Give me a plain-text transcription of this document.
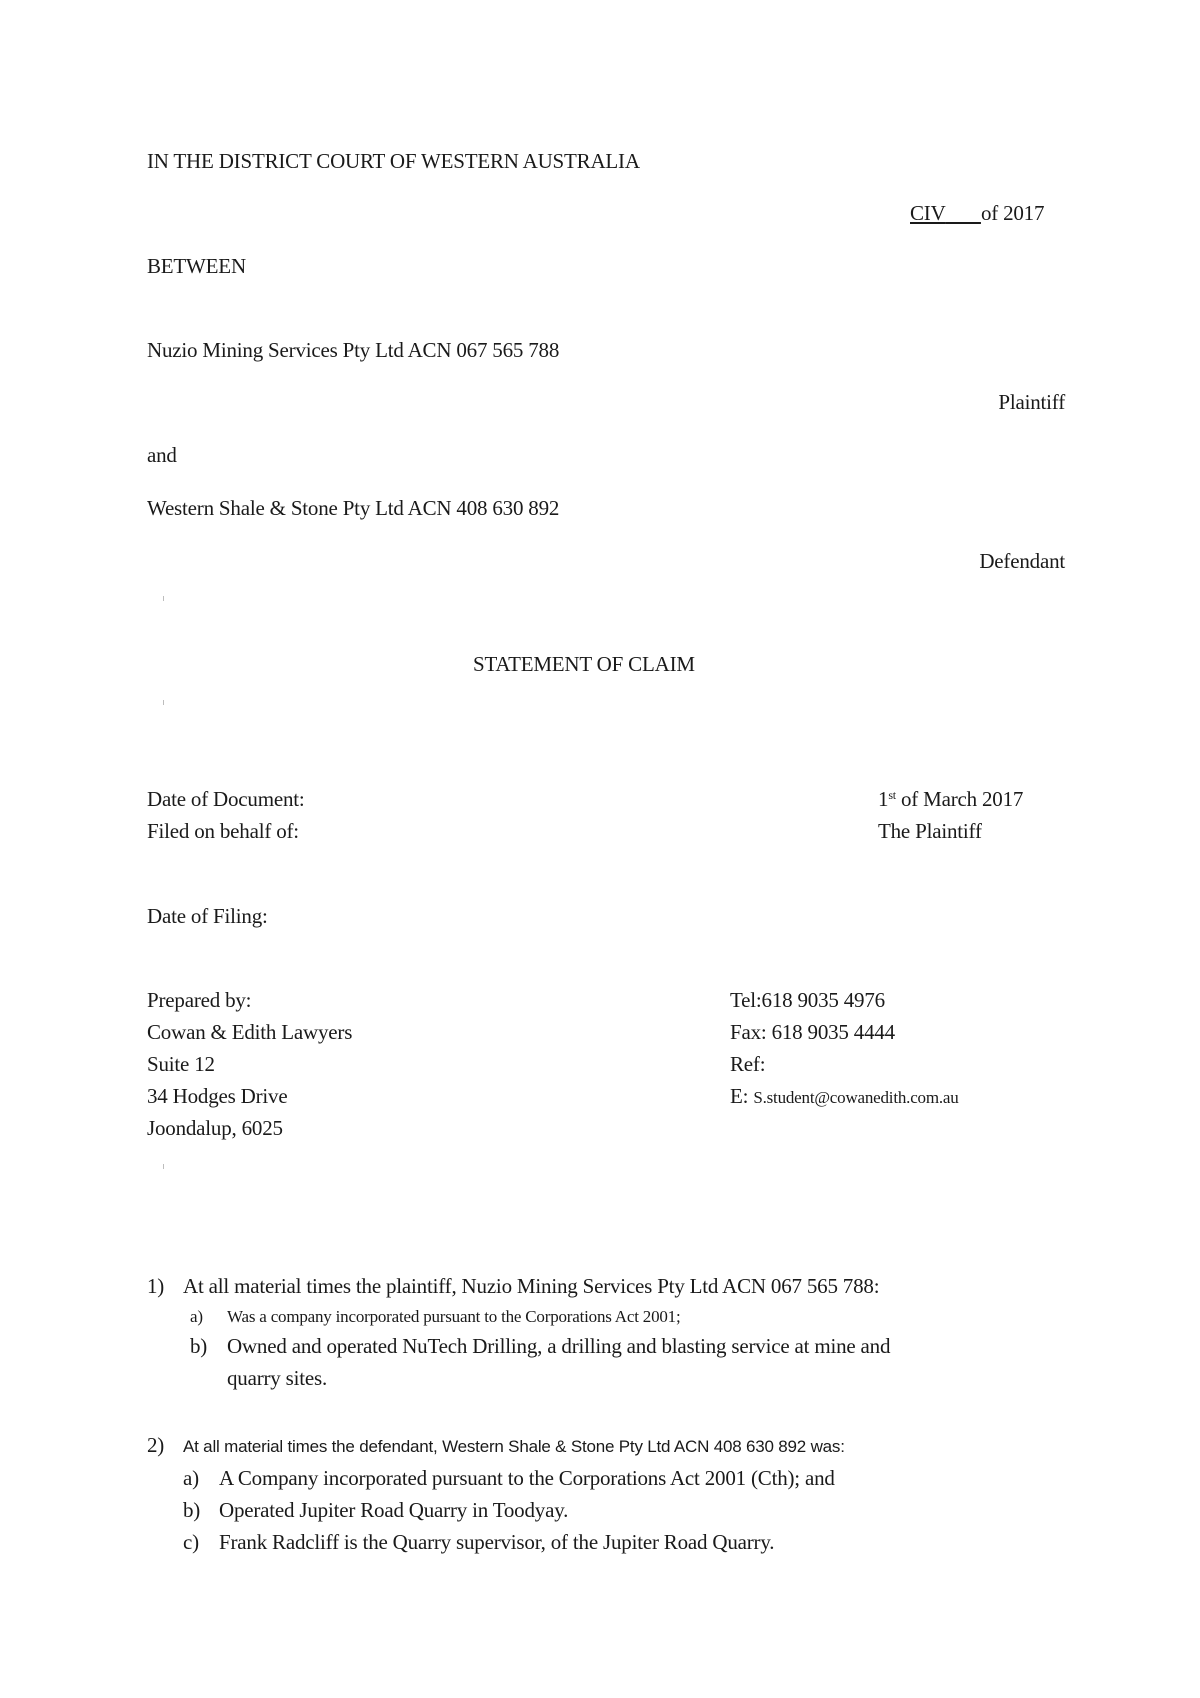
IN THE DISTRICT COURT OF WESTERN AUSTRALIA
CIV of 2017
BETWEEN
Nuzio Mining Services Pty Ltd ACN 067 565 788
Plaintiff
and
Western Shale & Stone Pty Ltd ACN 408 630 892
Defendant
STATEMENT OF CLAIM
Date of Document:	1st of March 2017
Filed on behalf of:	The Plaintiff
Date of Filing:
Prepared by:
Cowan & Edith Lawyers
Suite 12
34 Hodges Drive
Joondalup, 6025
Tel:618 9035 4976
Fax: 618 9035 4444
Ref:
E: S.student@cowanedith.com.au
1) At all material times the plaintiff, Nuzio Mining Services Pty Ltd ACN 067 565 788:
a) Was a company incorporated pursuant to the Corporations Act 2001;
b) Owned and operated NuTech Drilling, a drilling and blasting service at mine and
quarry sites.
2) At all material times the defendant, Western Shale & Stone Pty Ltd ACN 408 630 892 was:
a) A Company incorporated pursuant to the Corporations Act 2001 (Cth); and
b) Operated Jupiter Road Quarry in Toodyay.
c) Frank Radcliff is the Quarry supervisor, of the Jupiter Road Quarry.
